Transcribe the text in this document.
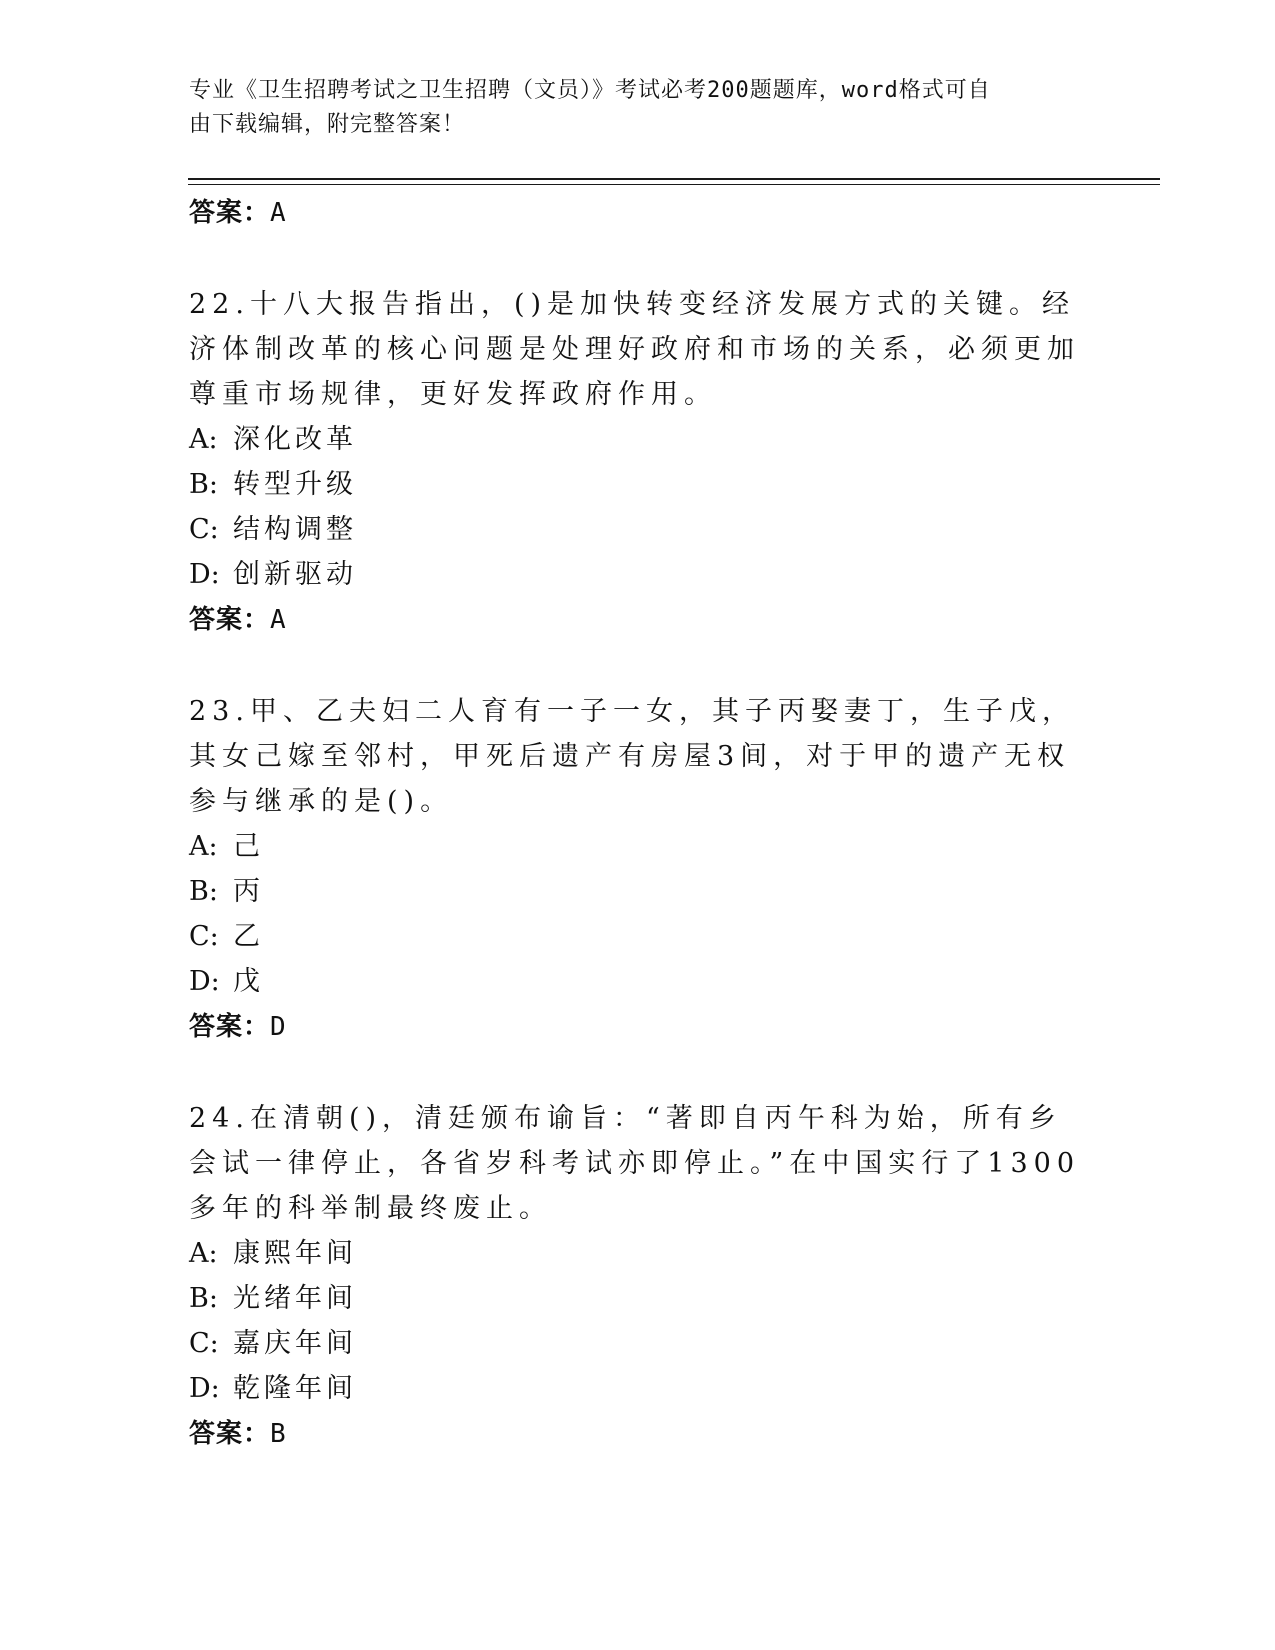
专业《卫生招聘考试之卫生招聘（文员）》考试必考200题题库，word格式可自
由下载编辑，附完整答案！
答案：A
22.十八大报告指出，()是加快转变经济发展方式的关键。经济体制改革的核心问题是处理好政府和市场的关系，必须更加尊重市场规律，更好发挥政府作用。
A: 深化改革
B: 转型升级
C: 结构调整
D: 创新驱动
答案：A
23.甲、乙夫妇二人育有一子一女，其子丙娶妻丁，生子戊，其女己嫁至邻村，甲死后遗产有房屋3间，对于甲的遗产无权参与继承的是()。
A: 己
B: 丙
C: 乙
D: 戊
答案：D
24.在清朝()，清廷颁布谕旨：“著即自丙午科为始，所有乡会试一律停止，各省岁科考试亦即停止。”在中国实行了1300多年的科举制最终废止。
A: 康熙年间
B: 光绪年间
C: 嘉庆年间
D: 乾隆年间
答案：B
